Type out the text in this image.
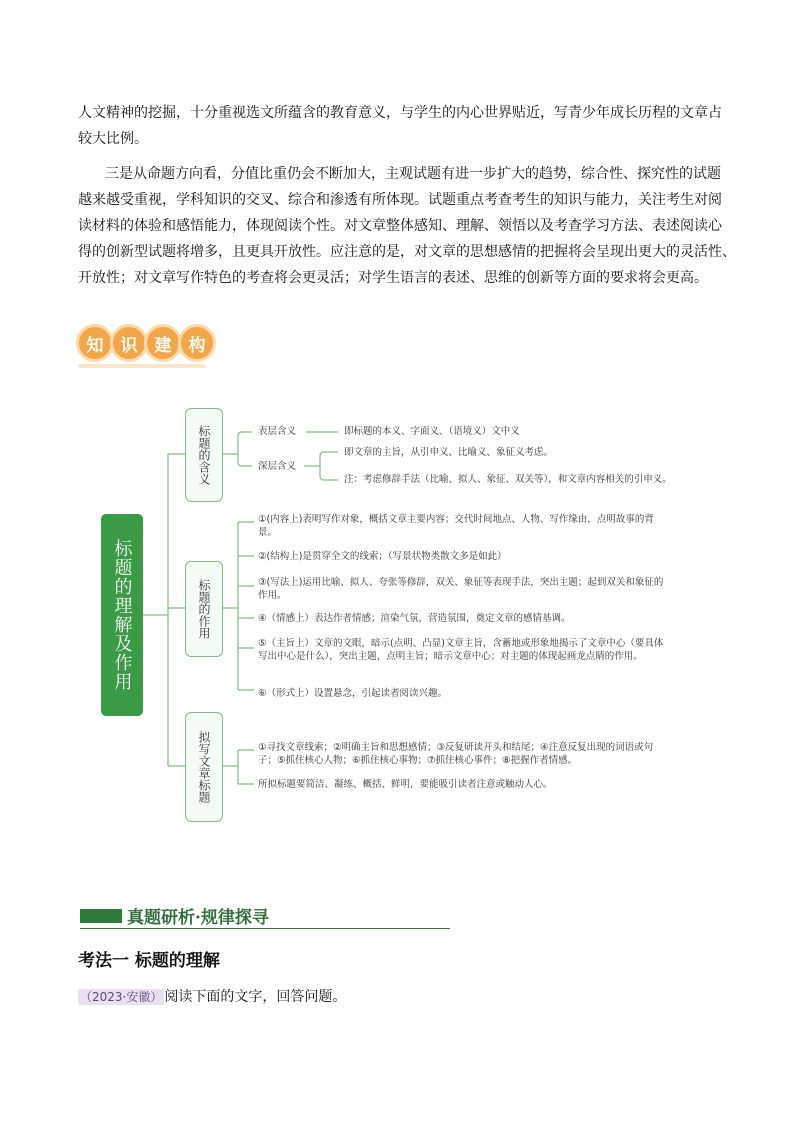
人文精神的挖掘，十分重视选文所蕴含的教育意义，与学生的内心世界贴近，写青少年成长历程的文章占
较大比例。
三是从命题方向看，分值比重仍会不断加大，主观试题有进一步扩大的趋势，综合性、探究性的试题
越来越受重视，学科知识的交叉、综合和渗透有所体现。试题重点考查考生的知识与能力，关注考生对阅
读材料的体验和感悟能力，体现阅读个性。对文章整体感知、理解、领悟以及考查学习方法、表述阅读心
得的创新型试题将增多，且更具开放性。应注意的是，对文章的思想感情的把握将会呈现出更大的灵活性、
开放性；对文章写作特色的考查将会更灵活；对学生语言的表述、思维的创新等方面的要求将会更高。
知	识	建	构
标题的理解及作用
标题的含义
标题的作用
拟写文章标题
表层含义	即标题的本义、字面义、（语境义）文中义
深层含义
即文章的主旨，从引申义、比喻义、象征义考虑。
注：考虑修辞手法（比喻、拟人、象征、双关等），和文章内容相关的引申义。
①(内容上)表明写作对象，概括文章主要内容；交代时间地点、人物、写作缘由，点明故事的背景。
②(结构上)是贯穿全文的线索；（写景状物类散文多是如此）
③(写法上)运用比喻、拟人、夸张等修辞，双关、象征等表现手法，突出主题；起到双关和象征的作用。
④（情感上）表达作者情感；渲染气氛，营造氛围，奠定文章的感情基调。
⑤（主旨上）文章的文眼，暗示(点明、凸显)文章主旨，含蓄地或形象地揭示了文章中心（要具体写出中心是什么），突出主题，点明主旨；暗示文章中心；对主题的体现起画龙点睛的作用。
⑥（形式上）设置悬念，引起读者阅读兴趣。
①寻找文章线索；②明确主旨和思想感情；③反复研读开头和结尾；④注意反复出现的词语或句子；⑤抓住核心人物；⑥抓住核心事物；⑦抓住核心事件；⑧把握作者情感。
所拟标题要简洁、凝练、概括、鲜明，要能吸引读者注意或触动人心。
真题研析·规律探寻
考法一 标题的理解
（2023·安徽） 阅读下面的文字，回答问题。
